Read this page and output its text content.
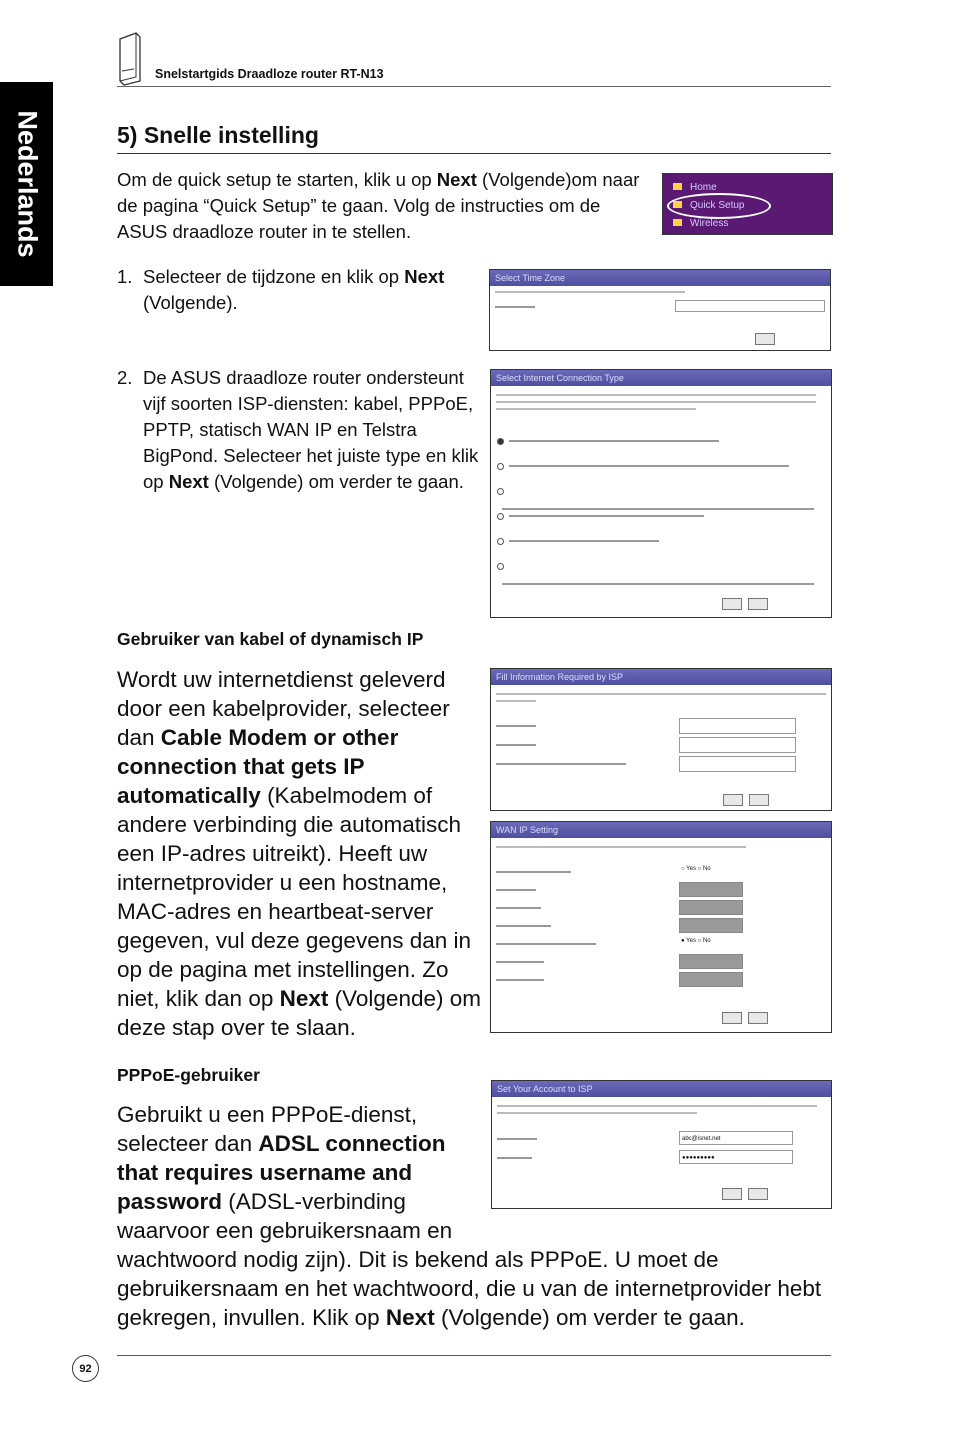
Nederlands
Snelstartgids Draadloze router RT-N13
5) Snelle instelling
Om de quick setup te starten, klik u op Next (Volgende)om naar de pagina “Quick Setup” te gaan. Volg de instructies om de ASUS draadloze router in te stellen.
Home
Quick Setup
Wireless
1. Selecteer de tijdzone en klik op Next (Volgende).
Select Time Zone
2. De ASUS draadloze router ondersteunt vijf soorten ISP-diensten: kabel, PPPoE, PPTP, statisch WAN IP en Telstra BigPond. Selecteer het juiste type en klik op Next (Volgende) om verder te gaan.
Select Internet Connection Type
Gebruiker van kabel of dynamisch IP
Wordt uw internetdienst geleverd door een kabelprovider, selecteer dan Cable Modem or other connection that gets IP automatically (Kabelmodem of andere verbinding die automatisch een IP-adres uitreikt). Heeft uw internetprovider u een hostname, MAC-adres en heartbeat-server gegeven, vul deze gegevens dan in op de pagina met instellingen. Zo niet, klik dan op Next (Volgende) om deze stap over te slaan.
Fill Information Required by ISP
WAN IP Setting
○ Yes ○ No
● Yes ○ No
PPPoE-gebruiker
Set Your Account to ISP
abc@isnet.net
●●●●●●●●●
Gebruikt u een PPPoE-dienst, selecteer dan ADSL connection that requires username and password (ADSL-verbinding waarvoor een gebruikersnaam en wachtwoord nodig zijn). Dit is bekend als PPPoE. U moet de gebruikersnaam en het wachtwoord, die u van de internetprovider hebt gekregen, invullen. Klik op Next (Volgende) om verder te gaan.
92
